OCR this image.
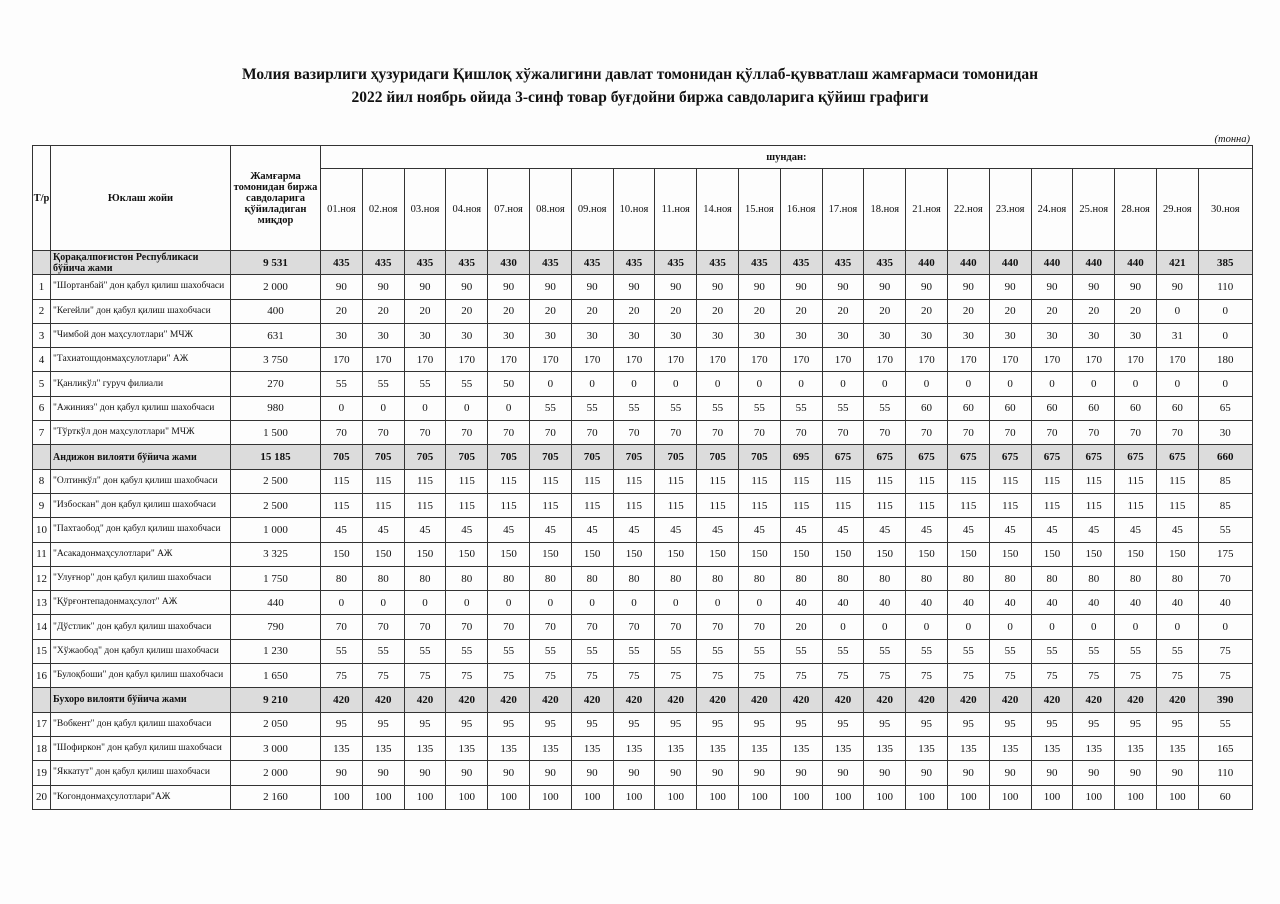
Молия вазирлиги ҳузуридаги Қишлоқ хўжалигини давлат томонидан қўллаб-қувватлаш жамғармаси томонидан
2022 йил ноябрь ойида 3-синф товар буғдойни биржа савдоларига қўйиш графиги
(тонна)
Т/р	Юклаш жойи	Жамғарма томонидан биржа савдоларига қўйиладиган миқдор	шундан:																					
			01.ноя	02.ноя	03.ноя	04.ноя	07.ноя	08.ноя	09.ноя	10.ноя	11.ноя	14.ноя	15.ноя	16.ноя	17.ноя	18.ноя	21.ноя	22.ноя	23.ноя	24.ноя	25.ноя	28.ноя	29.ноя	30.ноя
	Қорақалпоғистон Республикаси бўйича жами	9 531	435	435	435	435	430	435	435	435	435	435	435	435	435	435	440	440	440	440	440	440	421	385
1	"Шортанбай" дон қабул қилиш шахобчаси	2 000	90	90	90	90	90	90	90	90	90	90	90	90	90	90	90	90	90	90	90	90	90	110
2	"Кегейли" дон қабул қилиш шахобчаси	400	20	20	20	20	20	20	20	20	20	20	20	20	20	20	20	20	20	20	20	20	0	0
3	"Чимбой дон маҳсулотлари" МЧЖ	631	30	30	30	30	30	30	30	30	30	30	30	30	30	30	30	30	30	30	30	30	31	0
4	"Тахиатошдонмаҳсулотлари" АЖ	3 750	170	170	170	170	170	170	170	170	170	170	170	170	170	170	170	170	170	170	170	170	170	180
5	"Қанликўл" гуруч филиали	270	55	55	55	55	50	0	0	0	0	0	0	0	0	0	0	0	0	0	0	0	0	0
6	"Ажинияз" дон қабул қилиш шахобчаси	980	0	0	0	0	0	55	55	55	55	55	55	55	55	55	60	60	60	60	60	60	60	65
7	"Тўрткўл дон маҳсулотлари" МЧЖ	1 500	70	70	70	70	70	70	70	70	70	70	70	70	70	70	70	70	70	70	70	70	70	30
	Андижон вилояти бўйича жами	15 185	705	705	705	705	705	705	705	705	705	705	705	695	675	675	675	675	675	675	675	675	675	660
8	"Олтинкўл" дон қабул қилиш шахобчаси	2 500	115	115	115	115	115	115	115	115	115	115	115	115	115	115	115	115	115	115	115	115	115	85
9	"Избоскан" дон қабул қилиш шахобчаси	2 500	115	115	115	115	115	115	115	115	115	115	115	115	115	115	115	115	115	115	115	115	115	85
10	"Пахтаобод" дон қабул қилиш шахобчаси	1 000	45	45	45	45	45	45	45	45	45	45	45	45	45	45	45	45	45	45	45	45	45	55
11	"Асакадонмаҳсулотлари" АЖ	3 325	150	150	150	150	150	150	150	150	150	150	150	150	150	150	150	150	150	150	150	150	150	175
12	"Улуғнор" дон қабул қилиш шахобчаси	1 750	80	80	80	80	80	80	80	80	80	80	80	80	80	80	80	80	80	80	80	80	80	70
13	"Қўрғонтепадонмаҳсулот" АЖ	440	0	0	0	0	0	0	0	0	0	0	0	40	40	40	40	40	40	40	40	40	40	40
14	"Дўстлик" дон қабул қилиш шахобчаси	790	70	70	70	70	70	70	70	70	70	70	70	20	0	0	0	0	0	0	0	0	0	0
15	"Хўжаобод" дон қабул қилиш шахобчаси	1 230	55	55	55	55	55	55	55	55	55	55	55	55	55	55	55	55	55	55	55	55	55	75
16	"Булоқбоши" дон қабул қилиш шахобчаси	1 650	75	75	75	75	75	75	75	75	75	75	75	75	75	75	75	75	75	75	75	75	75	75
	Бухоро вилояти бўйича жами	9 210	420	420	420	420	420	420	420	420	420	420	420	420	420	420	420	420	420	420	420	420	420	390
17	"Вобкент" дон қабул қилиш шахобчаси	2 050	95	95	95	95	95	95	95	95	95	95	95	95	95	95	95	95	95	95	95	95	95	55
18	"Шофиркон" дон қабул қилиш шахобчаси	3 000	135	135	135	135	135	135	135	135	135	135	135	135	135	135	135	135	135	135	135	135	135	165
19	"Яккатут" дон қабул қилиш шахобчаси	2 000	90	90	90	90	90	90	90	90	90	90	90	90	90	90	90	90	90	90	90	90	90	110
20	"Когондонмаҳсулотлари"АЖ	2 160	100	100	100	100	100	100	100	100	100	100	100	100	100	100	100	100	100	100	100	100	100	60
